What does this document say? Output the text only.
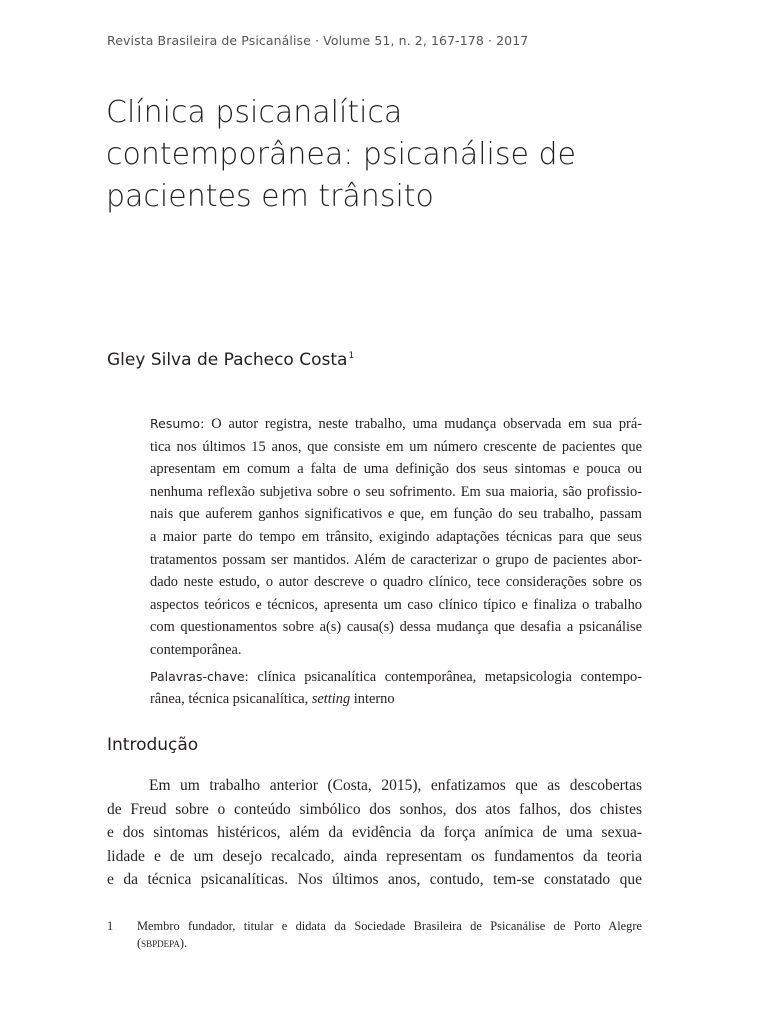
Revista Brasileira de Psicanálise · Volume 51, n. 2, 167-178 · 2017
Clínica psicanalítica
contemporânea: psicanálise de
pacientes em trânsito
Gley Silva de Pacheco Costa$^1$
Resumo: O autor registra, neste trabalho, uma mudança observada em sua prá-
tica nos últimos 15 anos, que consiste em um número crescente de pacientes que
apresentam em comum a falta de uma definição dos seus sintomas e pouca ou
nenhuma reflexão subjetiva sobre o seu sofrimento. Em sua maioria, são profissio-
nais que auferem ganhos significativos e que, em função do seu trabalho, passam
a maior parte do tempo em trânsito, exigindo adaptações técnicas para que seus
tratamentos possam ser mantidos. Além de caracterizar o grupo de pacientes abor-
dado neste estudo, o autor descreve o quadro clínico, tece considerações sobre os
aspectos teóricos e técnicos, apresenta um caso clínico típico e finaliza o trabalho
com questionamentos sobre a(s) causa(s) dessa mudança que desafia a psicanálise
contemporânea.
Palavras-chave: clínica psicanalítica contemporânea, metapsicologia contempo-
rânea, técnica psicanalítica, setting interno
Introdução
Em um trabalho anterior (Costa, 2015), enfatizamos que as descobertas
de Freud sobre o conteúdo simbólico dos sonhos, dos atos falhos, dos chistes
e dos sintomas histéricos, além da evidência da força anímica de uma sexua-
lidade e de um desejo recalcado, ainda representam os fundamentos da teoria
e da técnica psicanalíticas. Nos últimos anos, contudo, tem-se constatado que
1 Membro fundador, titular e didata da Sociedade Brasileira de Psicanálise de Porto Alegre
(sbpdepa).
